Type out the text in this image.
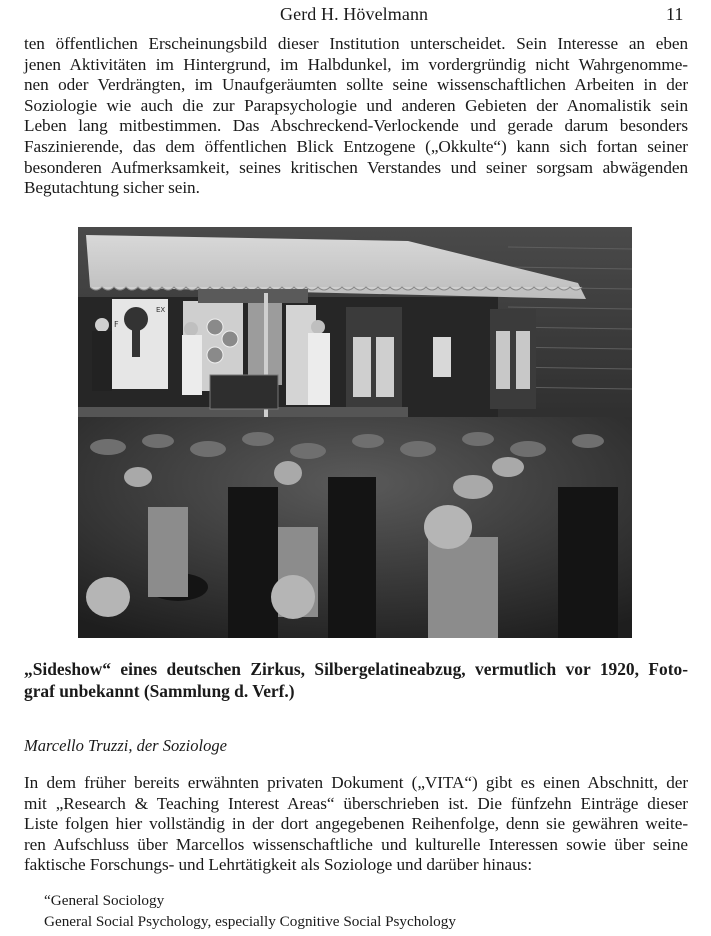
Gerd H. Hövelmann	11

ten öffentlichen Erscheinungsbild dieser Institution unterscheidet. Sein Interesse an eben
jenen Aktivitäten im Hintergrund, im Halbdunkel, im vordergründig nicht Wahrgenomme-
nen oder Verdrängten, im Unaufgeräumten sollte seine wissenschaftlichen Arbeiten in der
Soziologie wie auch die zur Parapsychologie und anderen Gebieten der Anomalistik sein
Leben lang mitbestimmen. Das Abschreckend-Verlockende und gerade darum besonders
Faszinierende, das dem öffentlichen Blick Entzogene („Okkulte“) kann sich fortan seiner
besonderen Aufmerksamkeit, seines kritischen Verstandes und seiner sorgsam abwägenden
Begutachtung sicher sein.

F
EX
„Sideshow“ eines deutschen Zirkus, Silbergelatineabzug, vermutlich vor 1920, Foto-
graf unbekannt (Sammlung d. Verf.)
Marcello Truzzi, der Soziologe

In dem früher bereits erwähnten privaten Dokument („VITA“) gibt es einen Abschnitt, der
mit „Research & Teaching Interest Areas“ überschrieben ist. Die fünfzehn Einträge dieser
Liste folgen hier vollständig in der dort angegebenen Reihenfolge, denn sie gewähren weite-
ren Aufschluss über Marcellos wissenschaftliche und kulturelle Interessen sowie über seine
faktische Forschungs- und Lehrtätigkeit als Soziologe und darüber hinaus:

“General Sociology
General Social Psychology, especially Cognitive Social Psychology
